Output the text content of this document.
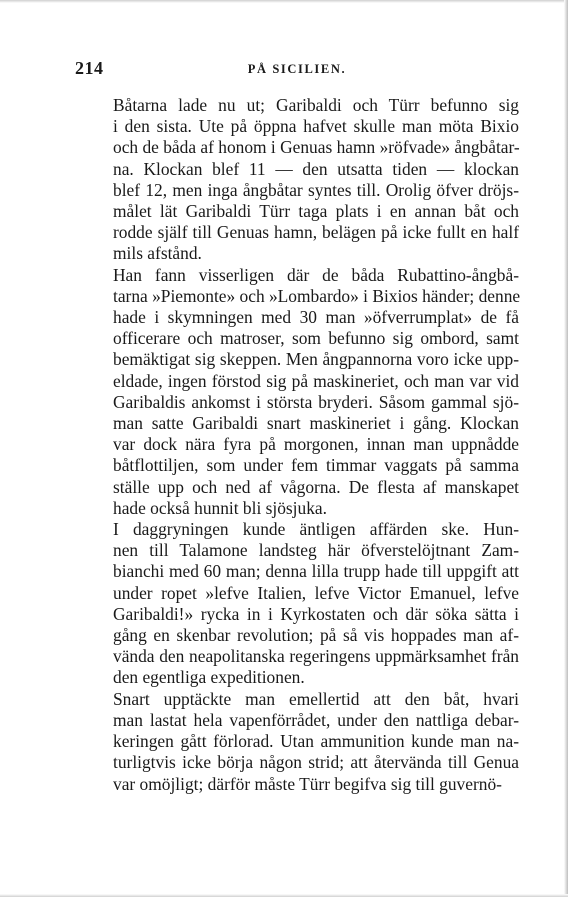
214	PÅ SICILIEN.

Båtarna lade nu ut; Garibaldi och Türr befunno sig
i den sista. Ute på öppna hafvet skulle man möta Bixio
och de båda af honom i Genuas hamn »röfvade» ångbåtar-
na. Klockan blef 11 — den utsatta tiden — klockan
blef 12, men inga ångbåtar syntes till. Orolig öfver dröjs-
målet lät Garibaldi Türr taga plats i en annan båt och
rodde själf till Genuas hamn, belägen på icke fullt en half
mils afstånd.

Han fann visserligen där de båda Rubattino-ångbå-
tarna »Piemonte» och »Lombardo» i Bixios händer; denne
hade i skymningen med 30 man »öfverrumplat» de få
officerare och matroser, som befunno sig ombord, samt
bemäktigat sig skeppen. Men ångpannorna voro icke upp-
eldade, ingen förstod sig på maskineriet, och man var vid
Garibaldis ankomst i största bryderi. Såsom gammal sjö-
man satte Garibaldi snart maskineriet i gång. Klockan
var dock nära fyra på morgonen, innan man uppnådde
båtflottiljen, som under fem timmar vaggats på samma
ställe upp och ned af vågorna. De flesta af manskapet
hade också hunnit bli sjösjuka.

I daggryningen kunde äntligen affärden ske. Hun-
nen till Talamone landsteg här öfverstelöjtnant Zam-
bianchi med 60 man; denna lilla trupp hade till uppgift att
under ropet »lefve Italien, lefve Victor Emanuel, lefve
Garibaldi!» rycka in i Kyrkostaten och där söka sätta i
gång en skenbar revolution; på så vis hoppades man af-
vända den neapolitanska regeringens uppmärksamhet från
den egentliga expeditionen.

Snart upptäckte man emellertid att den båt, hvari
man lastat hela vapenförrådet, under den nattliga debar-
keringen gått förlorad. Utan ammunition kunde man na-
turligtvis icke börja någon strid; att återvända till Genua
var omöjligt; därför måste Türr begifva sig till guvernö-
